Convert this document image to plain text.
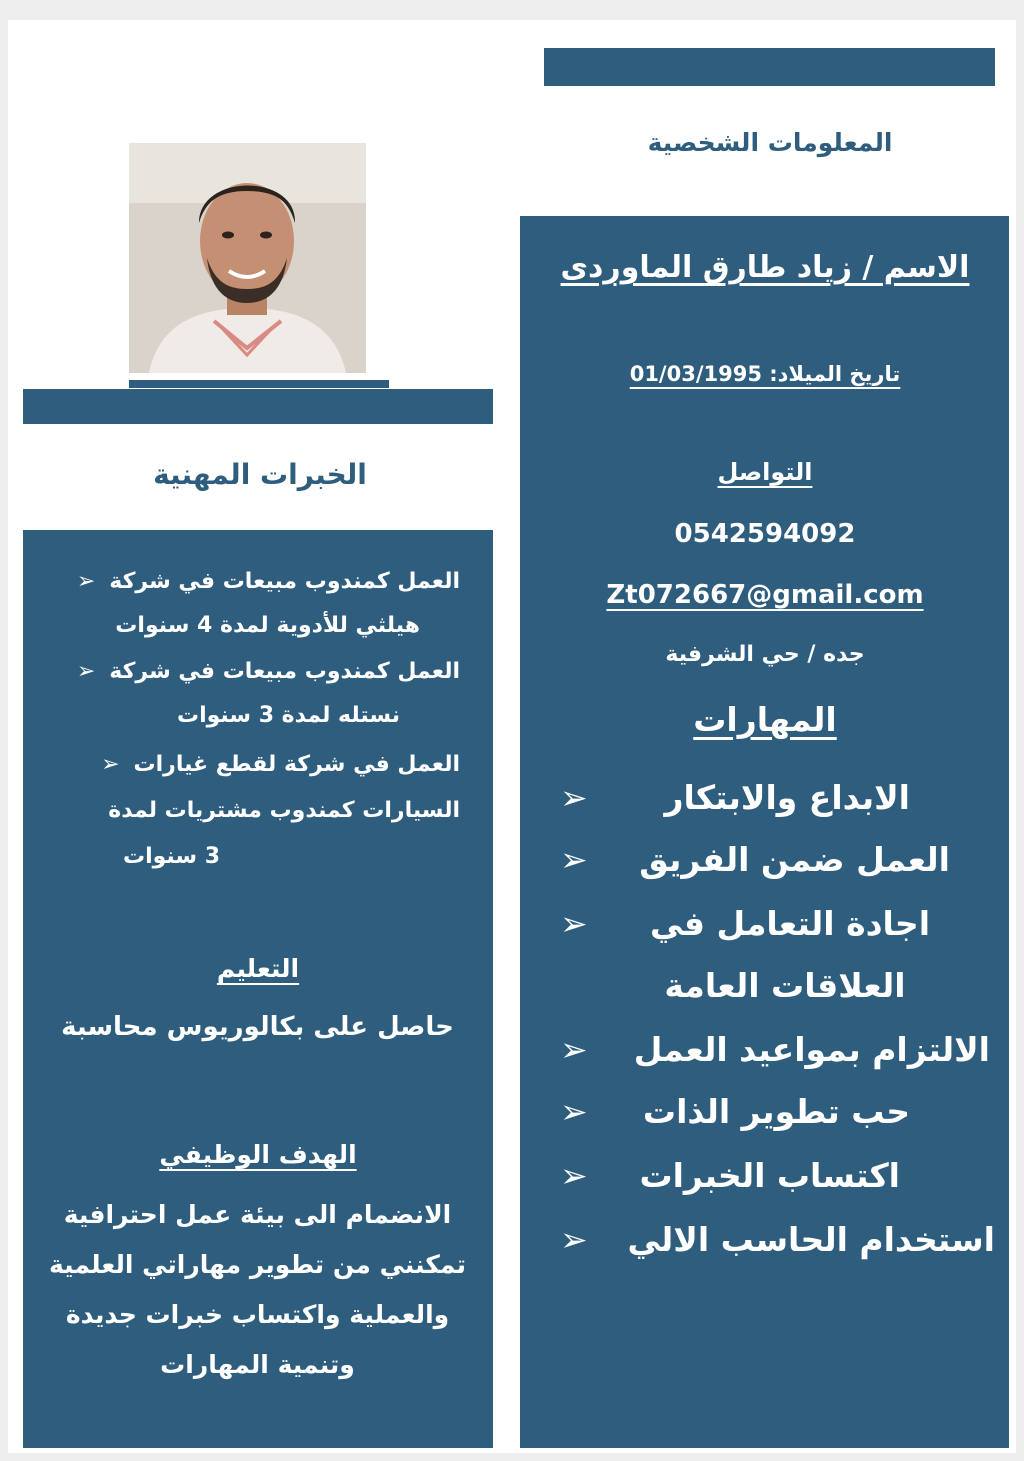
المعلومات الشخصية
الاسم / زياد طارق الماوردى
تاريخ الميلاد: 01/03/1995
التواصل
0542594092
Zt072667@gmail.com
جده / حي الشرفية
المهارات
الابداع والابتكار
➢
العمل ضمن الفريق
➢
اجادة التعامل في
➢
العلاقات العامة
الالتزام بمواعيد العمل
➢
حب تطوير الذات
➢
اكتساب الخبرات
➢
استخدام الحاسب الالي
➢
الخبرات المهنية
العمل كمندوب مبيعات في شركة
➢
هيلثي للأدوية لمدة 4 سنوات
العمل كمندوب مبيعات في شركة
➢
نستله لمدة 3 سنوات
العمل في شركة لقطع غيارات
➢
السيارات كمندوب مشتريات لمدة
3 سنوات
التعليم
حاصل على بكالوريوس محاسبة
الهدف الوظيفي
الانضمام الى بيئة عمل احترافية
تمكنني من تطوير مهاراتي العلمية
والعملية واكتساب خبرات جديدة
وتنمية المهارات
